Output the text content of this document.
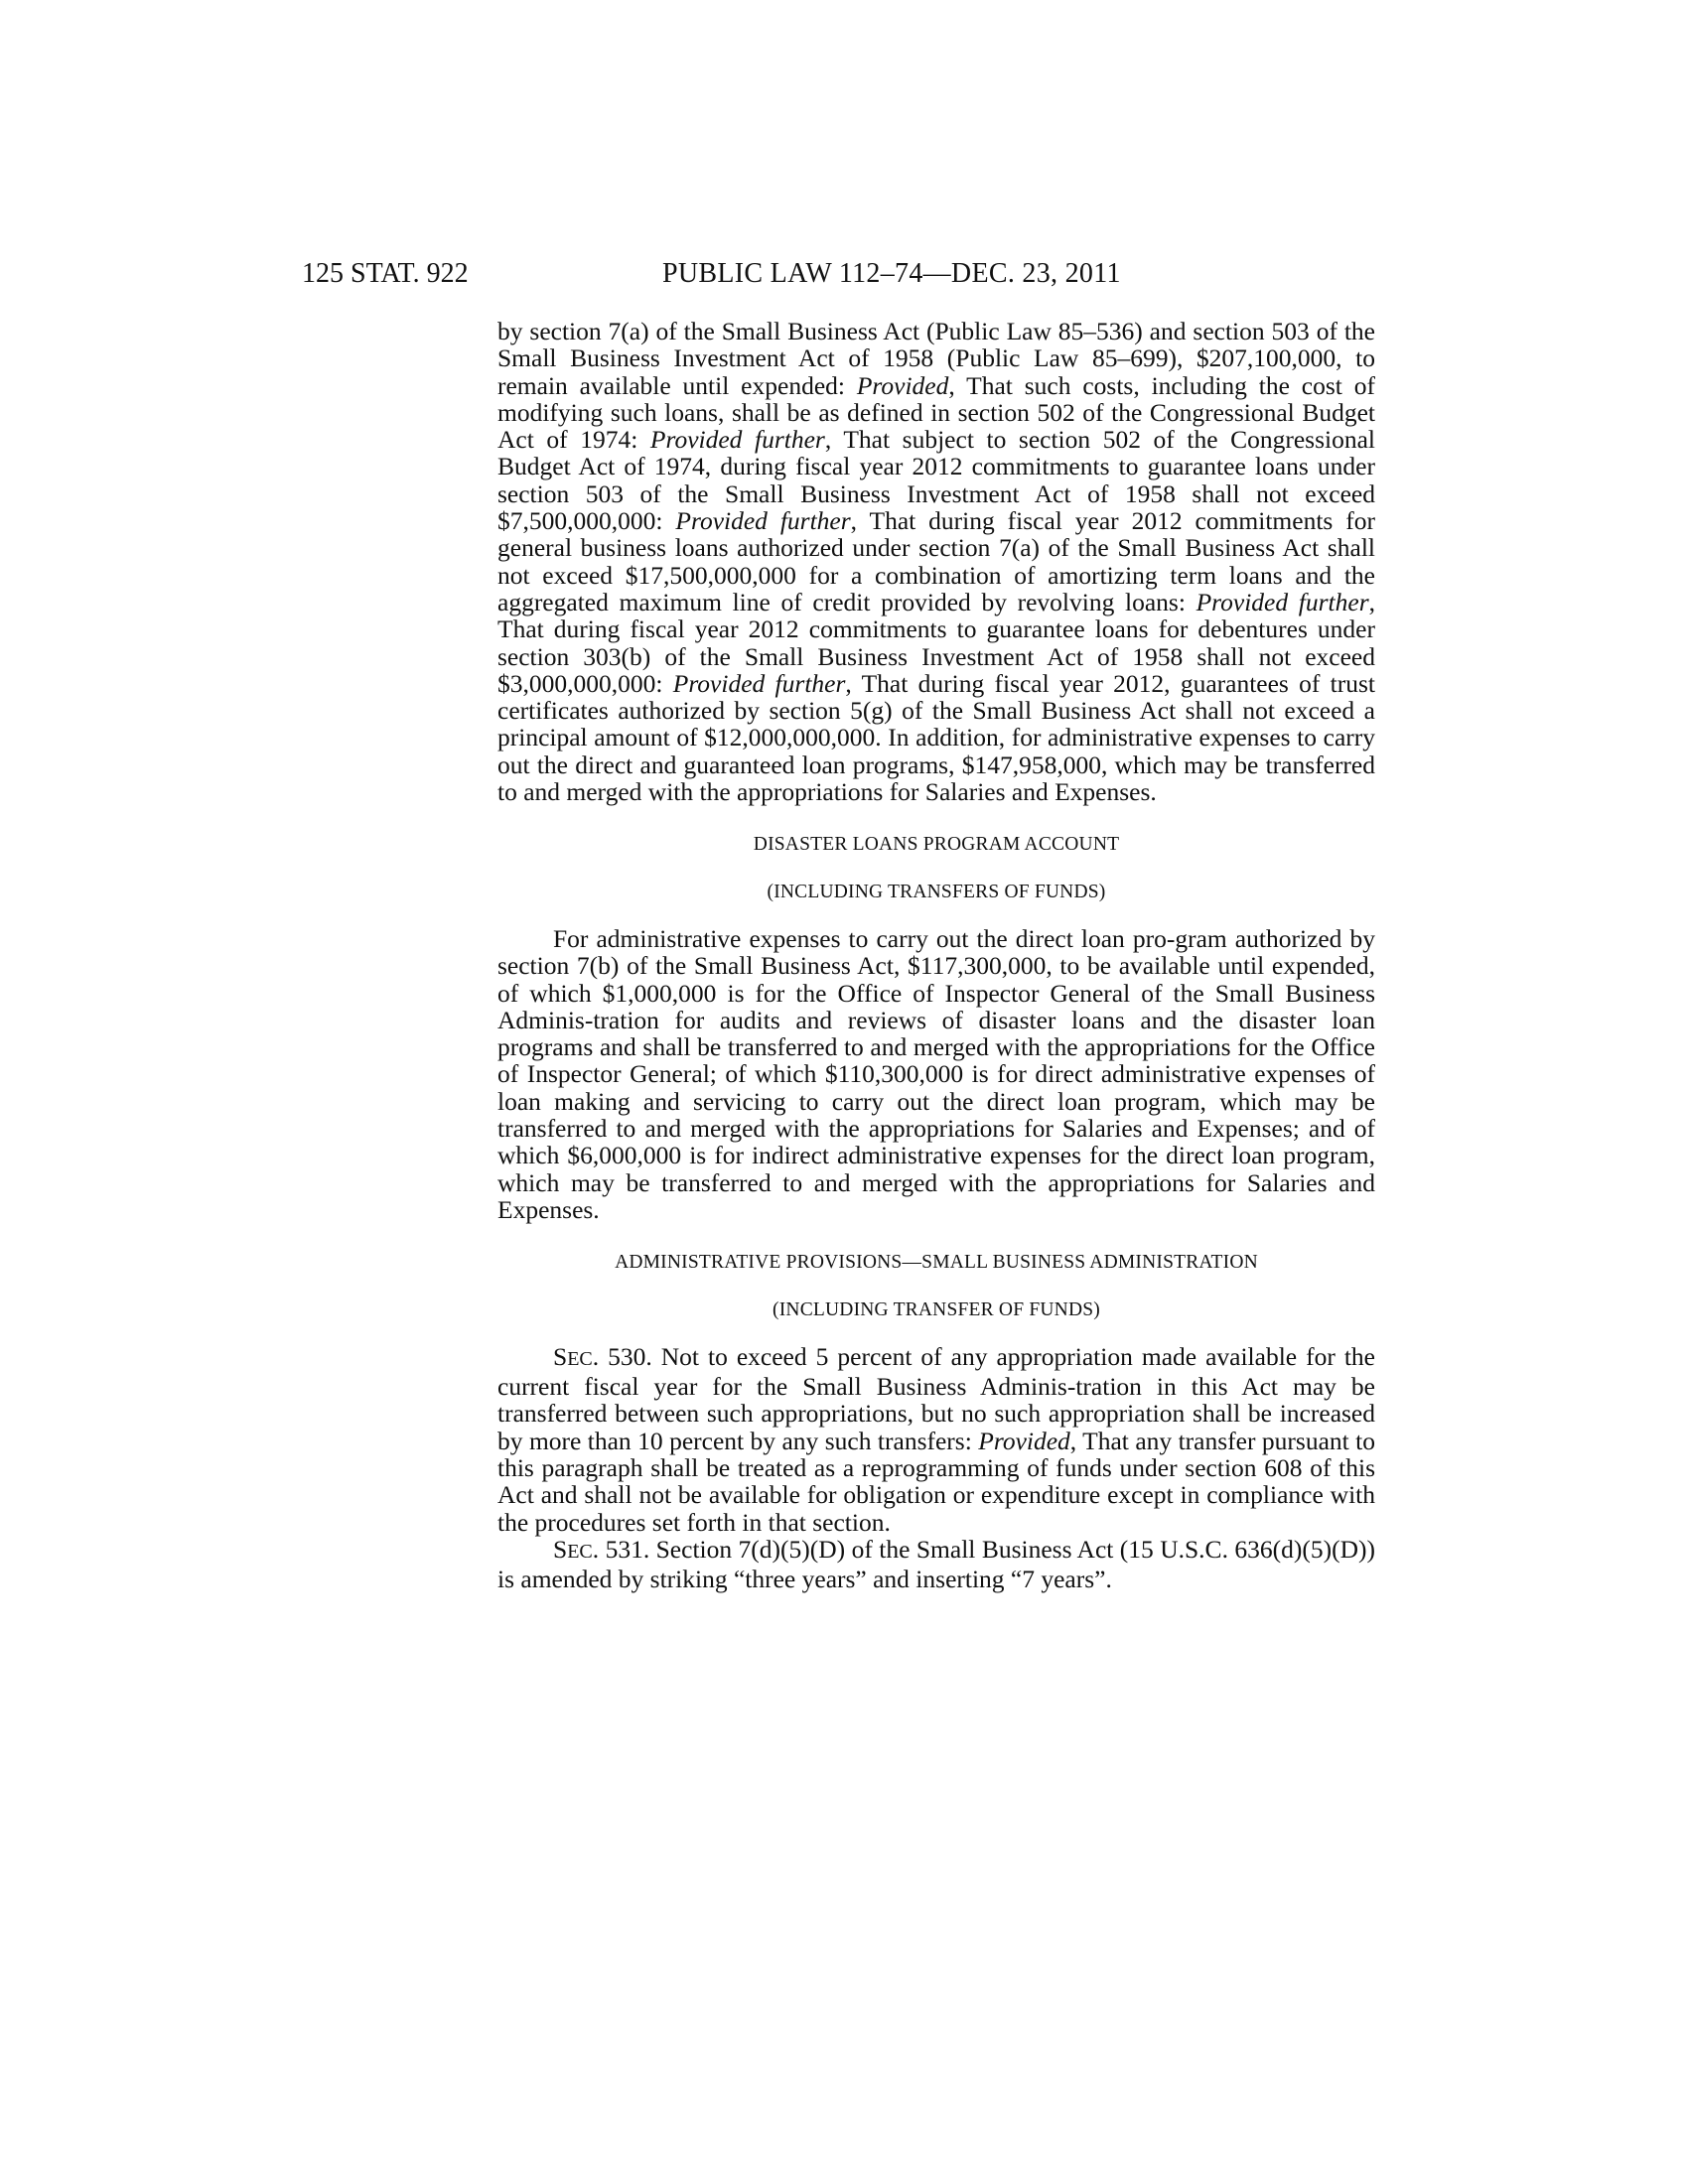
125 STAT. 922	PUBLIC LAW 112–74—DEC. 23, 2011

by section 7(a) of the Small Business Act (Public Law 85–536) and section 503 of the Small Business Investment Act of 1958 (Public Law 85–699), $207,100,000, to remain available until expended: Provided, That such costs, including the cost of modifying such loans, shall be as defined in section 502 of the Congressional Budget Act of 1974: Provided further, That subject to section 502 of the Congressional Budget Act of 1974, during fiscal year 2012 commitments to guarantee loans under section 503 of the Small Business Investment Act of 1958 shall not exceed $7,500,000,000: Provided further, That during fiscal year 2012 commitments for general business loans authorized under section 7(a) of the Small Business Act shall not exceed $17,500,000,000 for a combination of amortizing term loans and the aggregated maximum line of credit provided by revolving loans: Provided further, That during fiscal year 2012 commitments to guarantee loans for debentures under section 303(b) of the Small Business Investment Act of 1958 shall not exceed $3,000,000,000: Provided further, That during fiscal year 2012, guarantees of trust certificates authorized by section 5(g) of the Small Business Act shall not exceed a principal amount of $12,000,000,000. In addition, for administrative expenses to carry out the direct and guaranteed loan programs, $147,958,000, which may be transferred to and merged with the appropriations for Salaries and Expenses.

DISASTER LOANS PROGRAM ACCOUNT

(INCLUDING TRANSFERS OF FUNDS)

For administrative expenses to carry out the direct loan pro-gram authorized by section 7(b) of the Small Business Act, $117,300,000, to be available until expended, of which $1,000,000 is for the Office of Inspector General of the Small Business Adminis-tration for audits and reviews of disaster loans and the disaster loan programs and shall be transferred to and merged with the appropriations for the Office of Inspector General; of which $110,300,000 is for direct administrative expenses of loan making and servicing to carry out the direct loan program, which may be transferred to and merged with the appropriations for Salaries and Expenses; and of which $6,000,000 is for indirect administrative expenses for the direct loan program, which may be transferred to and merged with the appropriations for Salaries and Expenses.

ADMINISTRATIVE PROVISIONS—SMALL BUSINESS ADMINISTRATION

(INCLUDING TRANSFER OF FUNDS)

SEC. 530. Not to exceed 5 percent of any appropriation made available for the current fiscal year for the Small Business Adminis-tration in this Act may be transferred between such appropriations, but no such appropriation shall be increased by more than 10 percent by any such transfers: Provided, That any transfer pursuant to this paragraph shall be treated as a reprogramming of funds under section 608 of this Act and shall not be available for obligation or expenditure except in compliance with the procedures set forth in that section.

SEC. 531. Section 7(d)(5)(D) of the Small Business Act (15 U.S.C. 636(d)(5)(D)) is amended by striking “three years” and inserting “7 years”.
